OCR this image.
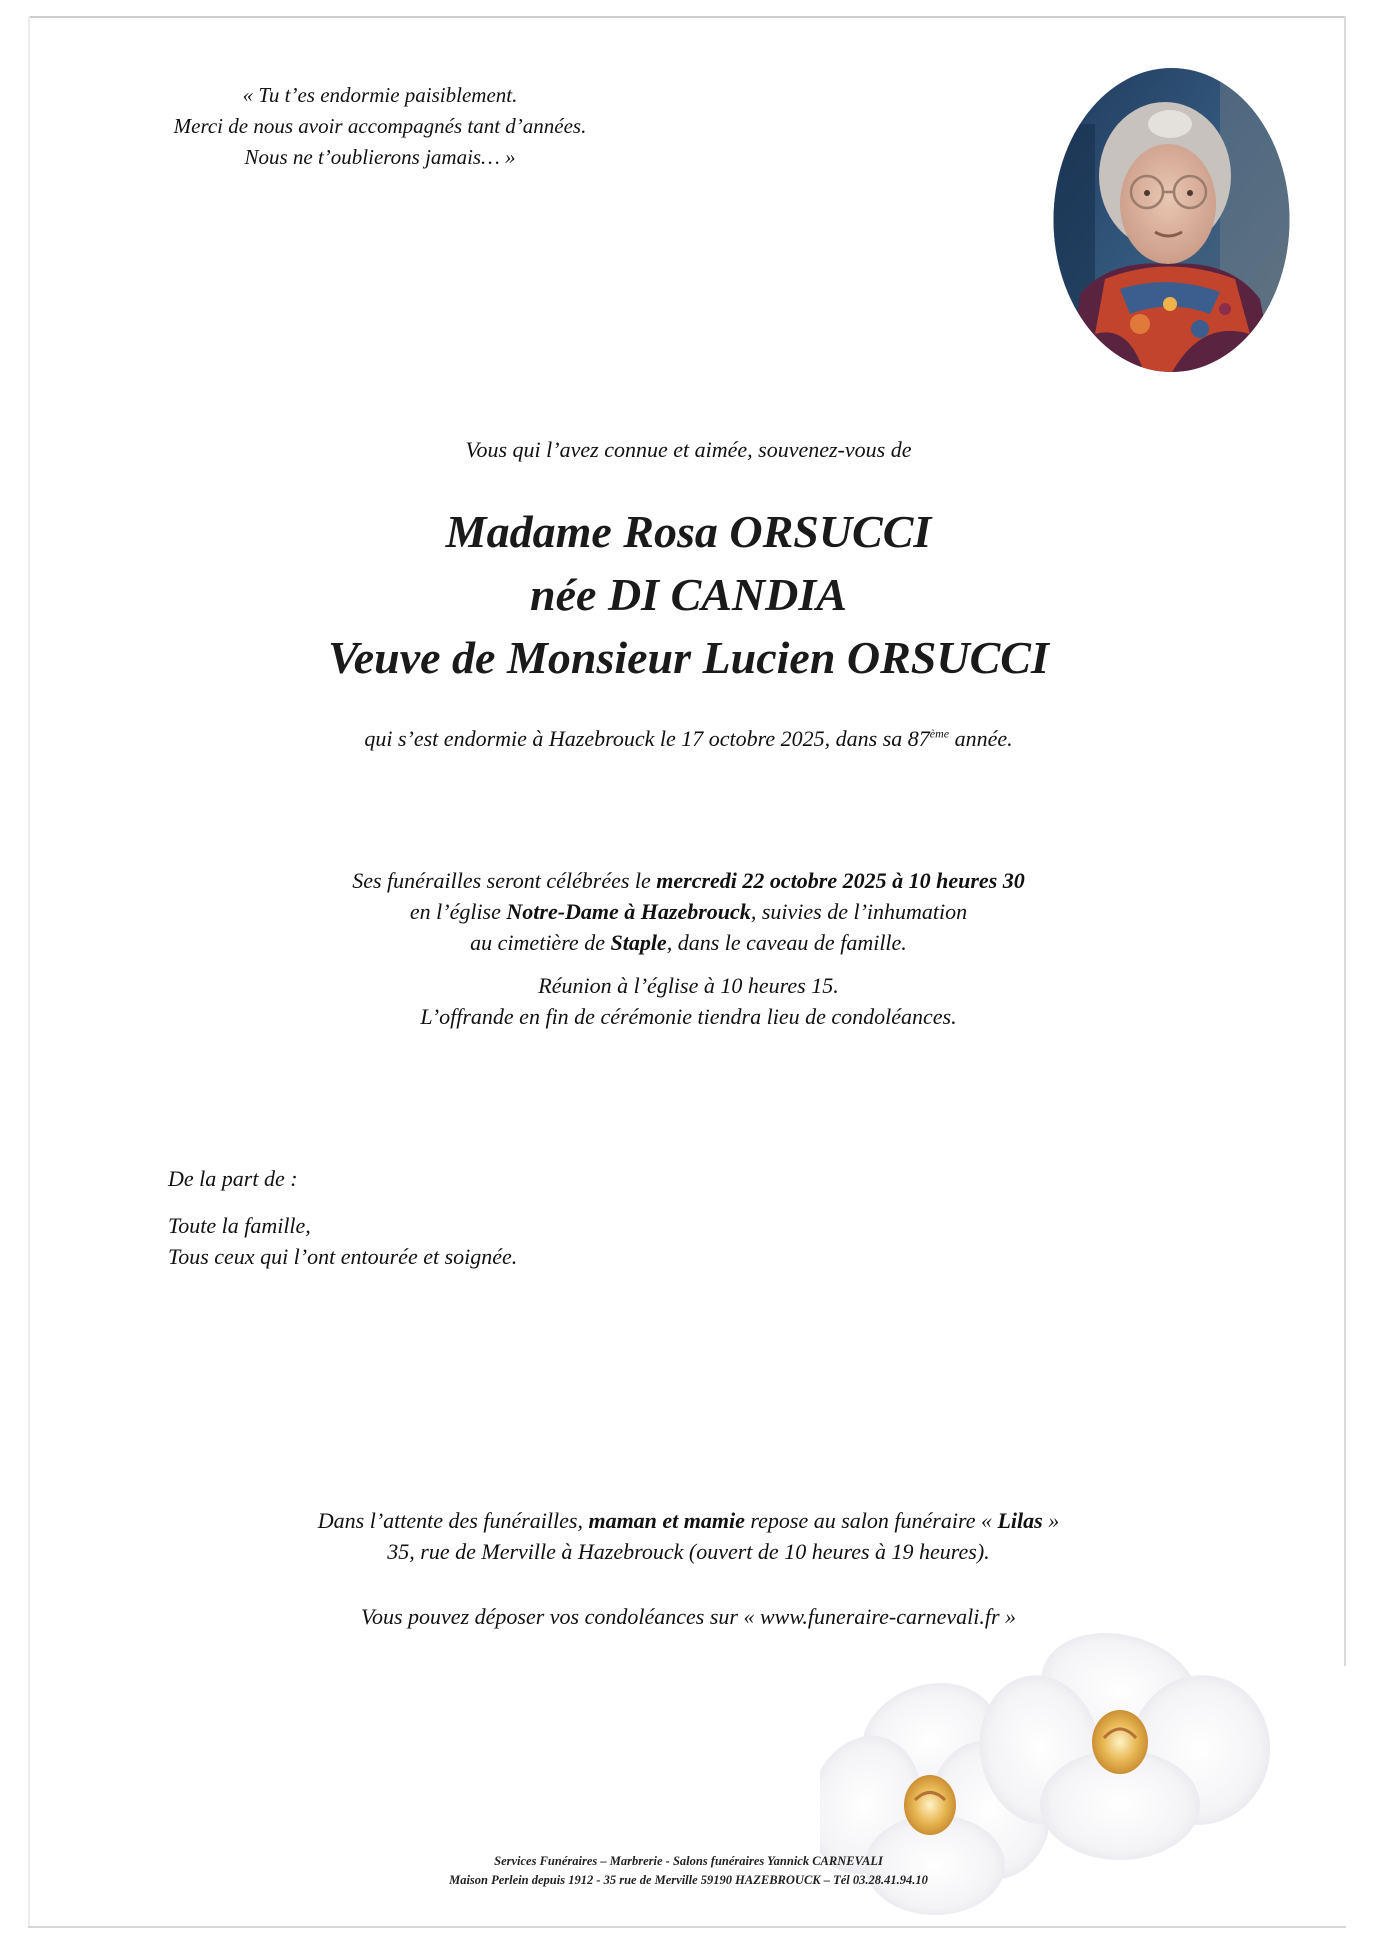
« Tu t’es endormie paisiblement.
Merci de nous avoir accompagnés tant d’années.
Nous ne t’oublierons jamais… »
Vous qui l’avez connue et aimée, souvenez-vous de
Madame Rosa ORSUCCI
née DI CANDIA
Veuve de Monsieur Lucien ORSUCCI
qui s’est endormie à Hazebrouck le 17 octobre 2025, dans sa 87ème année.
Ses funérailles seront célébrées le mercredi 22 octobre 2025 à 10 heures 30
en l’église Notre-Dame à Hazebrouck, suivies de l’inhumation
au cimetière de Staple, dans le caveau de famille.
Réunion à l’église à 10 heures 15.
L’offrande en fin de cérémonie tiendra lieu de condoléances.
De la part de :
Toute la famille,
Tous ceux qui l’ont entourée et soignée.
Dans l’attente des funérailles, maman et mamie repose au salon funéraire « Lilas »
35, rue de Merville à Hazebrouck (ouvert de 10 heures à 19 heures).
Vous pouvez déposer vos condoléances sur « www.funeraire-carnevali.fr »
Services Funéraires – Marbrerie - Salons funéraires Yannick CARNEVALI
Maison Perlein depuis 1912 - 35 rue de Merville 59190 HAZEBROUCK – Tél 03.28.41.94.10
